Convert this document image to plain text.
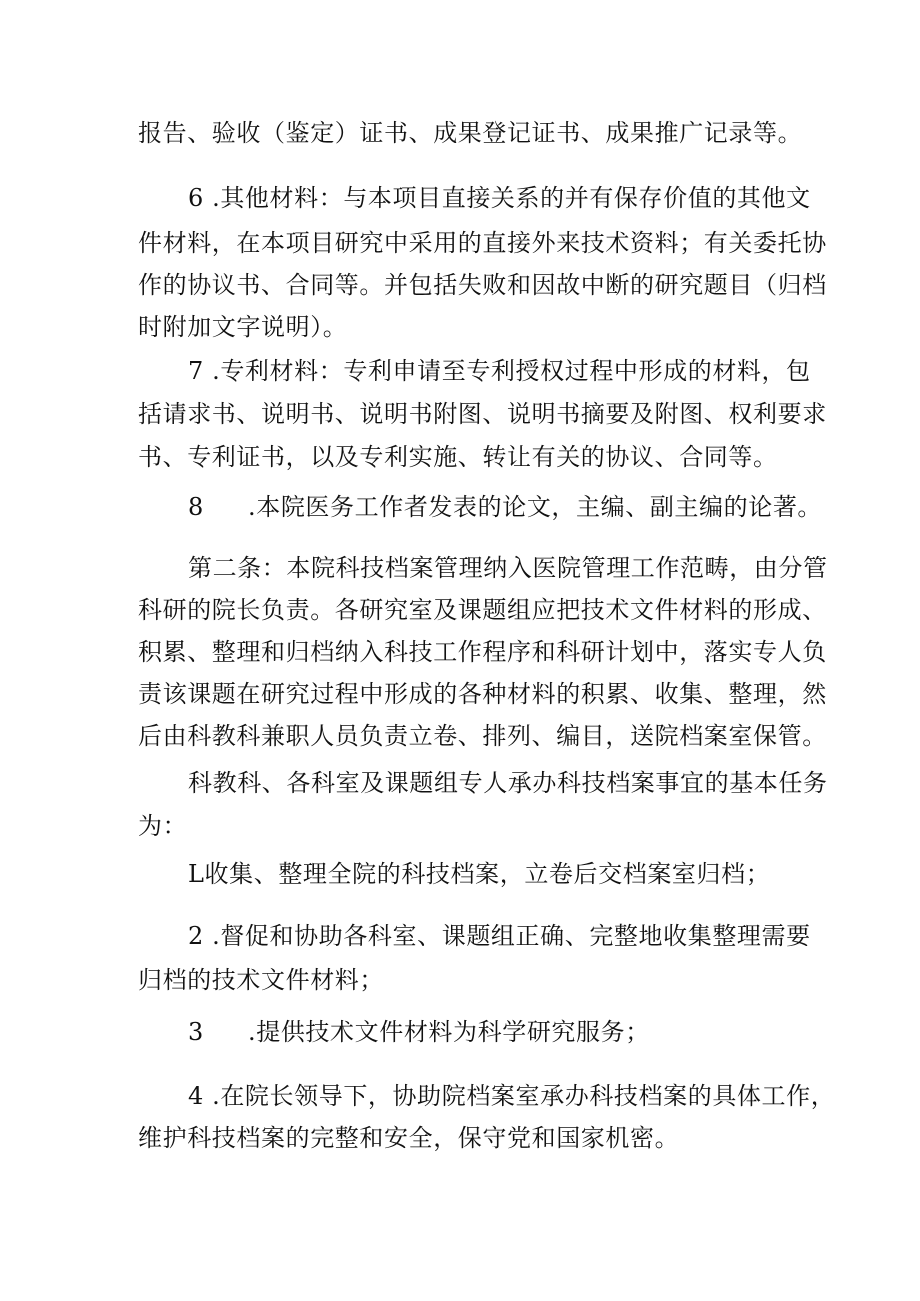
报告、验收（鉴定）证书、成果登记证书、成果推广记录等。
6 .其他材料：与本项目直接关系的并有保存价值的其他文
件材料，在本项目研究中采用的直接外来技术资料；有关委托协
作的协议书、合同等。并包括失败和因故中断的研究题目（归档
时附加文字说明）。
7 .专利材料：专利申请至专利授权过程中形成的材料，包
括请求书、说明书、说明书附图、说明书摘要及附图、权利要求
书、专利证书，以及专利实施、转让有关的协议、合同等。
8 .本院医务工作者发表的论文，主编、副主编的论著。
第二条：本院科技档案管理纳入医院管理工作范畴，由分管
科研的院长负责。各研究室及课题组应把技术文件材料的形成、
积累、整理和归档纳入科技工作程序和科研计划中，落实专人负
责该课题在研究过程中形成的各种材料的积累、收集、整理，然
后由科教科兼职人员负责立卷、排列、编目，送院档案室保管。
科教科、各科室及课题组专人承办科技档案事宜的基本任务
为：
L收集、整理全院的科技档案，立卷后交档案室归档；
2 .督促和协助各科室、课题组正确、完整地收集整理需要
归档的技术文件材料；
3 .提供技术文件材料为科学研究服务；
4 .在院长领导下，协助院档案室承办科技档案的具体工作，
维护科技档案的完整和安全，保守党和国家机密。
